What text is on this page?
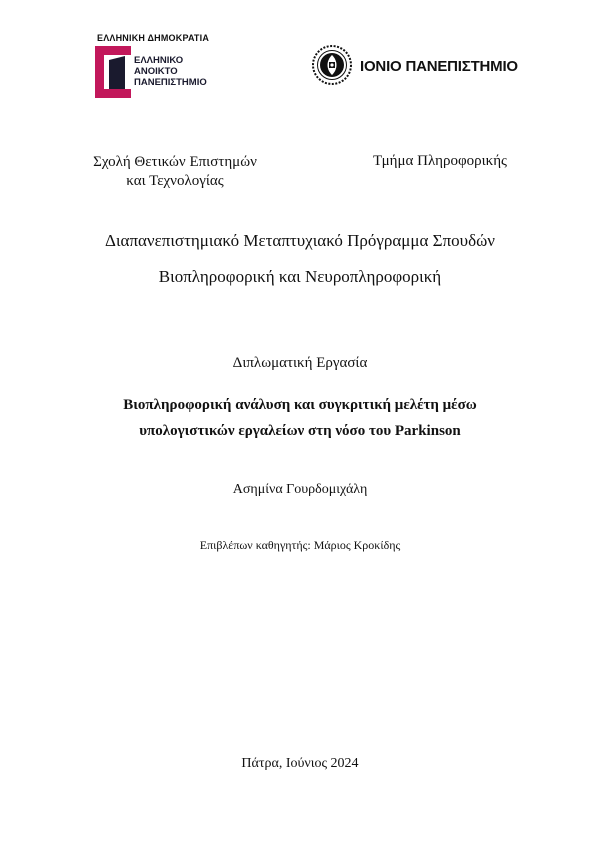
ΕΛΛΗΝΙΚΗ ΔΗΜΟΚΡΑΤΙΑ
ΕΛΛΗΝΙΚΟ
ΑΝΟΙΚΤΟ
ΠΑΝΕΠΙΣΤΗΜΙΟ
ΙΟΝΙΟ ΠΑΝΕΠΙΣΤΗΜΙΟ
Σχολή Θετικών Επιστημών
και Τεχνολογίας
Τμήμα Πληροφορικής
Διαπανεπιστημιακό Μεταπτυχιακό Πρόγραμμα Σπουδών
Βιοπληροφορική και Νευροπληροφορική
Διπλωματική Εργασία
Βιοπληροφορική ανάλυση και συγκριτική μελέτη μέσω
υπολογιστικών εργαλείων στη νόσο του Parkinson
Ασημίνα Γουρδομιχάλη
Επιβλέπων καθηγητής: Μάριος Κροκίδης
Πάτρα, Ιούνιος 2024
